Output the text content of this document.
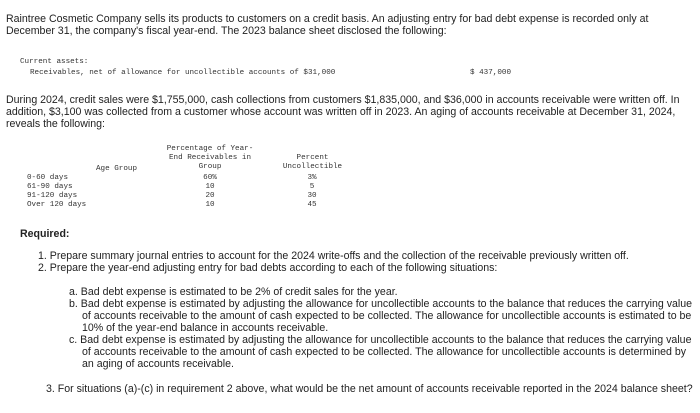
Raintree Cosmetic Company sells its products to customers on a credit basis. An adjusting entry for bad debt expense is recorded only at December 31, the company's fiscal year-end. The 2023 balance sheet disclosed the following:
Current assets:
Receivables, net of allowance for uncollectible accounts of $31,000	$ 437,000
During 2024, credit sales were $1,755,000, cash collections from customers $1,835,000, and $36,000 in accounts receivable were written off. In addition, $3,100 was collected from a customer whose account was written off in 2023. An aging of accounts receivable at December 31, 2024, reveals the following:
Percentage of Year-
End Receivables in
Group
Percent
Uncollectible
Age Group
0-60 days	60%	3%
61-90 days	10	5
91-120 days	20	30
Over 120 days	10	45
Required:
1. Prepare summary journal entries to account for the 2024 write-offs and the collection of the receivable previously written off.
2. Prepare the year-end adjusting entry for bad debts according to each of the following situations:
a. Bad debt expense is estimated to be 2% of credit sales for the year.
b. Bad debt expense is estimated by adjusting the allowance for uncollectible accounts to the balance that reduces the carrying value of accounts receivable to the amount of cash expected to be collected. The allowance for uncollectible accounts is estimated to be 10% of the year-end balance in accounts receivable.
c. Bad debt expense is estimated by adjusting the allowance for uncollectible accounts to the balance that reduces the carrying value of accounts receivable to the amount of cash expected to be collected. The allowance for uncollectible accounts is determined by an aging of accounts receivable.
3. For situations (a)-(c) in requirement 2 above, what would be the net amount of accounts receivable reported in the 2024 balance sheet?
